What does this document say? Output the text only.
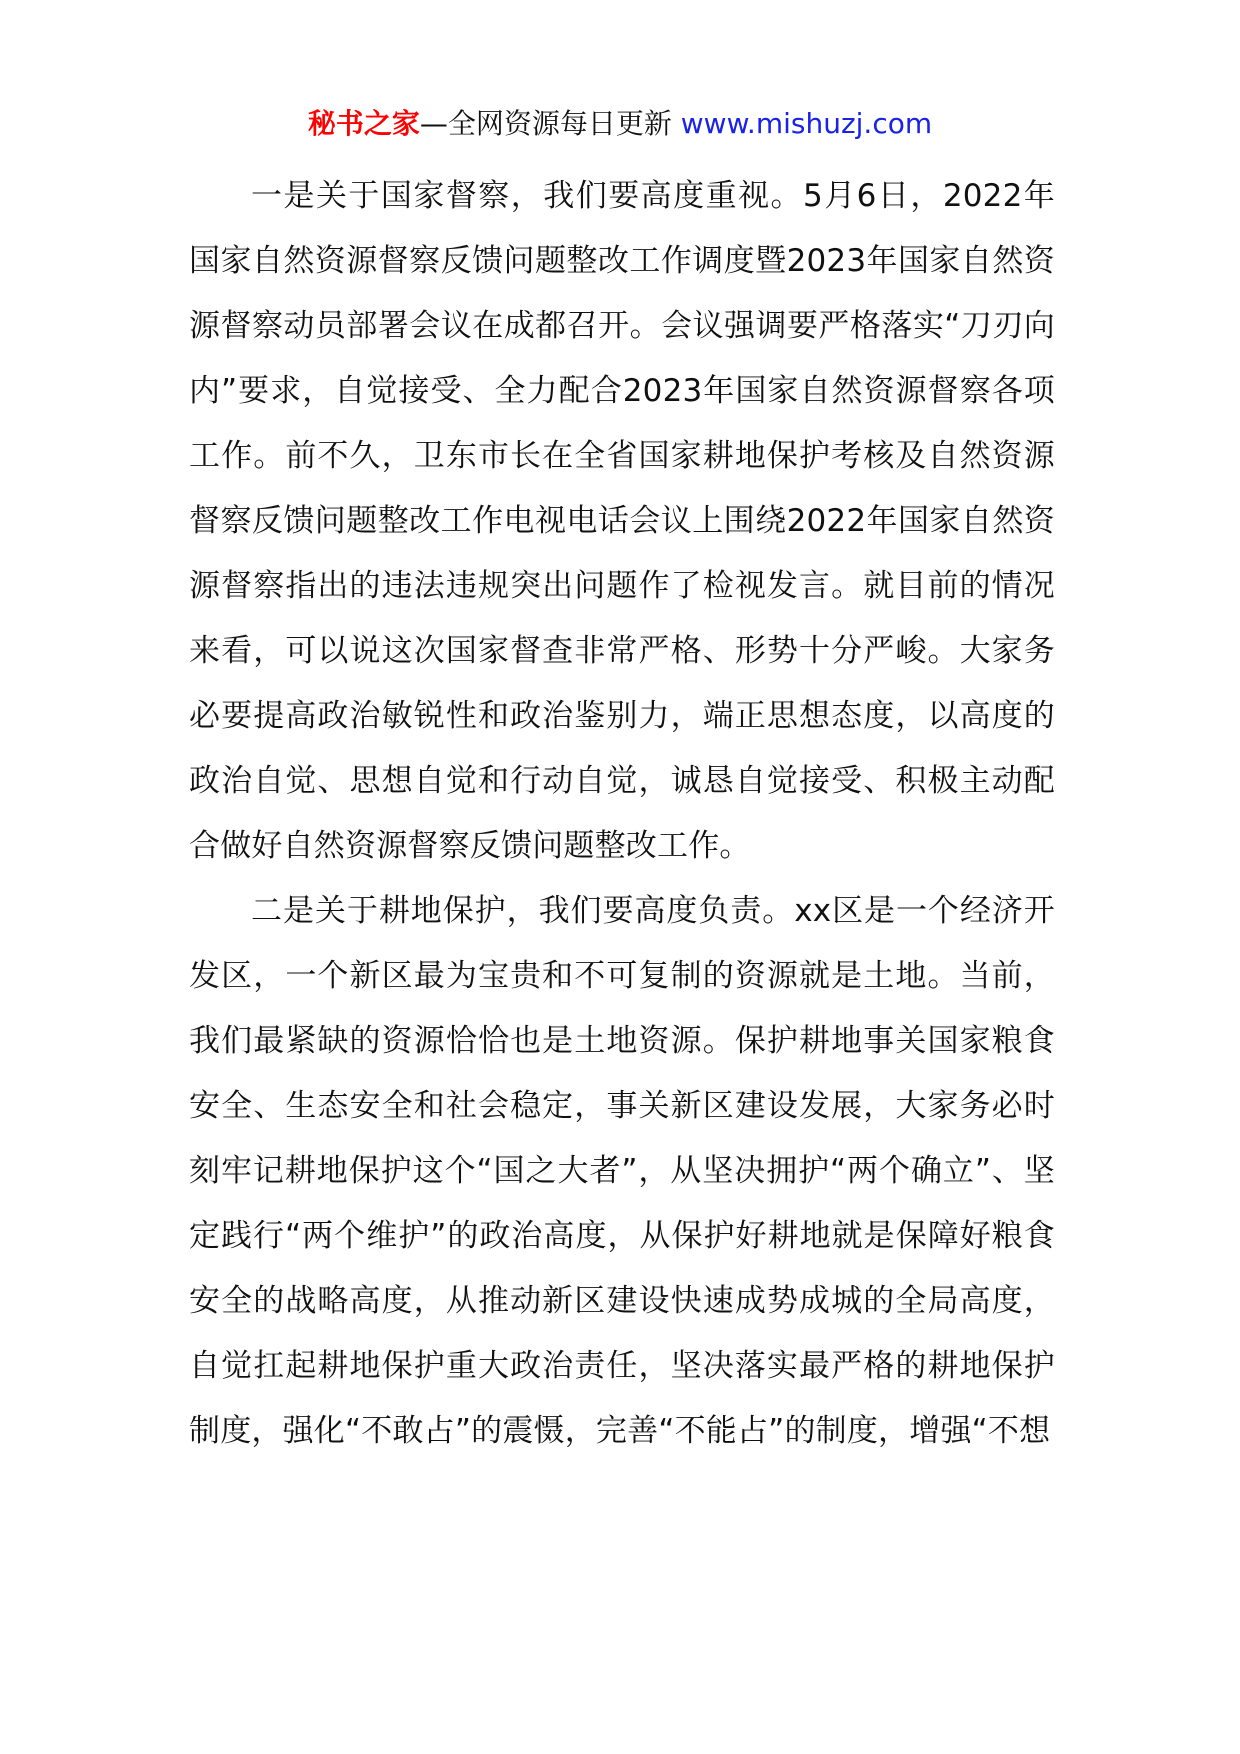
秘书之家—全网资源每日更新 www.mishuzj.com

一是关于国家督察，我们要高度重视。5月6日，2022年国家自然资源督察反馈问题整改工作调度暨2023年国家自然资源督察动员部署会议在成都召开。会议强调要严格落实“刀刃向内”要求，自觉接受、全力配合2023年国家自然资源督察各项工作。前不久，卫东市长在全省国家耕地保护考核及自然资源督察反馈问题整改工作电视电话会议上围绕2022年国家自然资源督察指出的违法违规突出问题作了检视发言。就目前的情况来看，可以说这次国家督查非常严格、形势十分严峻。大家务必要提高政治敏锐性和政治鉴别力，端正思想态度，以高度的政治自觉、思想自觉和行动自觉，诚恳自觉接受、积极主动配合做好自然资源督察反馈问题整改工作。

二是关于耕地保护，我们要高度负责。xx区是一个经济开发区，一个新区最为宝贵和不可复制的资源就是土地。当前，我们最紧缺的资源恰恰也是土地资源。保护耕地事关国家粮食安全、生态安全和社会稳定，事关新区建设发展，大家务必时刻牢记耕地保护这个“国之大者”，从坚决拥护“两个确立”、坚定践行“两个维护”的政治高度，从保护好耕地就是保障好粮食安全的战略高度，从推动新区建设快速成势成城的全局高度，自觉扛起耕地保护重大政治责任，坚决落实最严格的耕地保护制度，强化“不敢占”的震慑，完善“不能占”的制度，增强“不想
